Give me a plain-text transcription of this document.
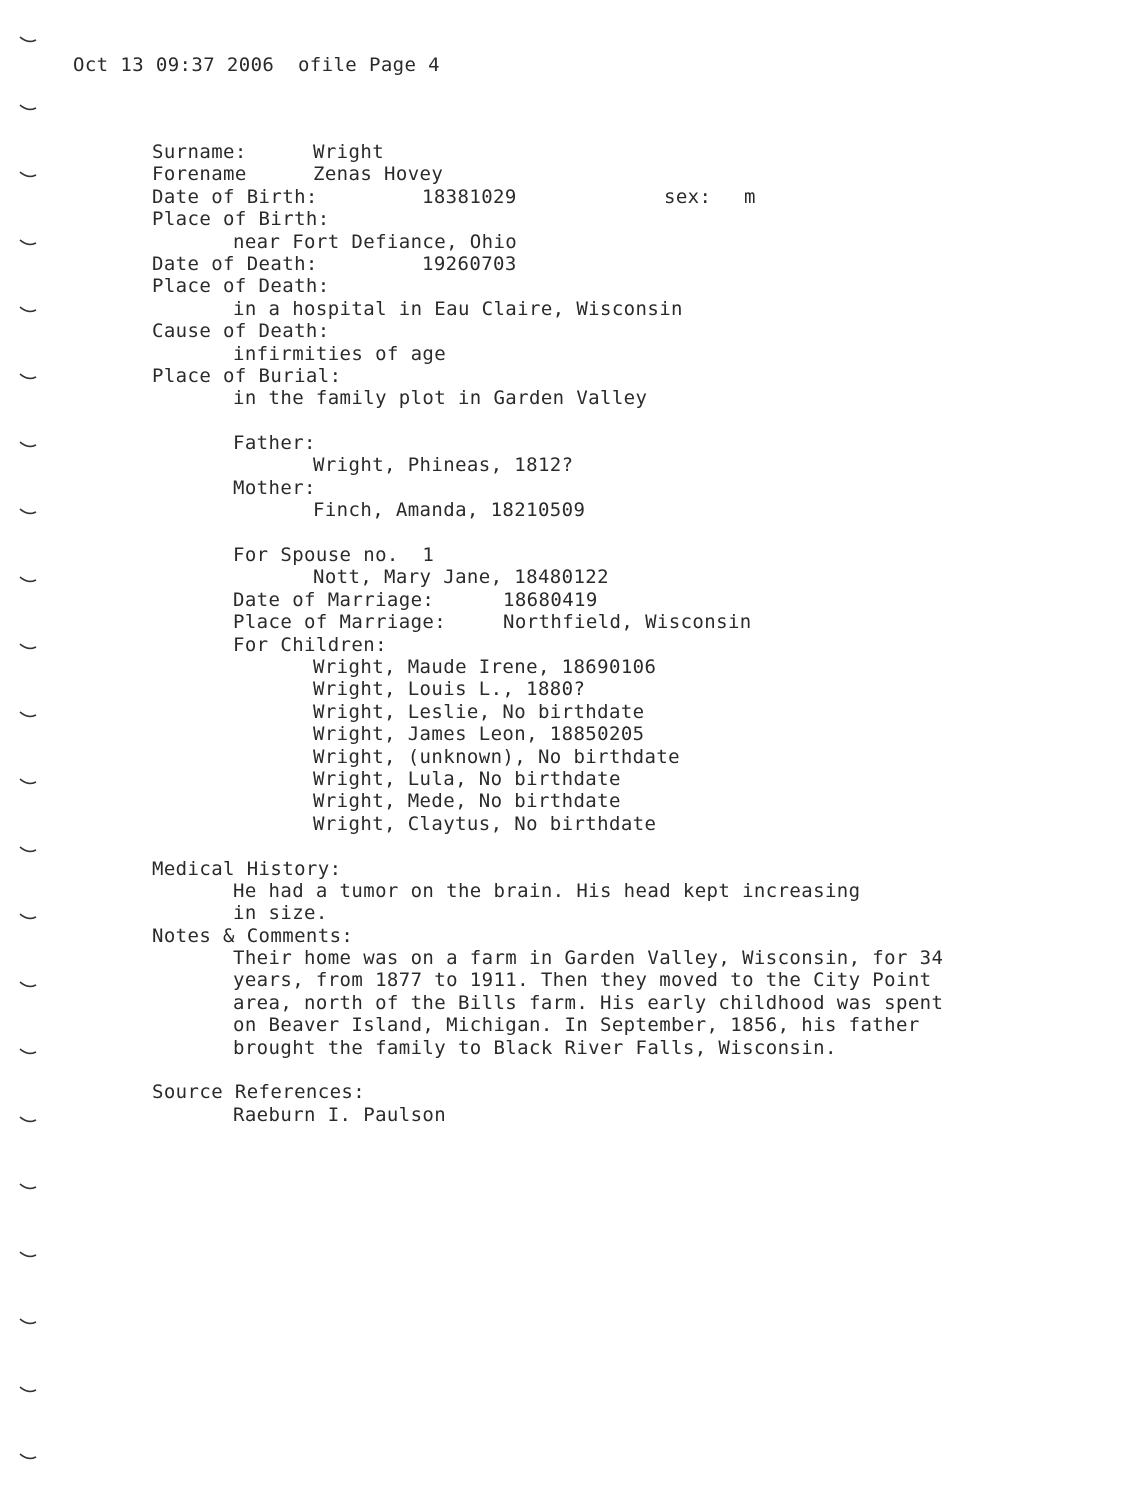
Oct 13 09:37 2006  ofile Page 4
Surname:	Wright
Forename	Zenas Hovey
Date of Birth:	18381029	sex: m
Place of Birth:
near Fort Defiance, Ohio
Date of Death:	19260703
Place of Death:
in a hospital in Eau Claire, Wisconsin
Cause of Death:
infirmities of age
Place of Burial:
in the family plot in Garden Valley
Father:
Wright, Phineas, 1812?
Mother:
Finch, Amanda, 18210509
For Spouse no.  1
Nott, Mary Jane, 18480122
Date of Marriage:	18680419
Place of Marriage:	Northfield, Wisconsin
For Children:
Wright, Maude Irene, 18690106
Wright, Louis L., 1880?
Wright, Leslie, No birthdate
Wright, James Leon, 18850205
Wright, (unknown), No birthdate
Wright, Lula, No birthdate
Wright, Mede, No birthdate
Wright, Claytus, No birthdate
Medical History:
He had a tumor on the brain. His head kept increasing
in size.
Notes & Comments:
Their home was on a farm in Garden Valley, Wisconsin, for 34
years, from 1877 to 1911. Then they moved to the City Point
area, north of the Bills farm. His early childhood was spent
on Beaver Island, Michigan. In September, 1856, his father
brought the family to Black River Falls, Wisconsin.
Source References:
Raeburn I. Paulson
